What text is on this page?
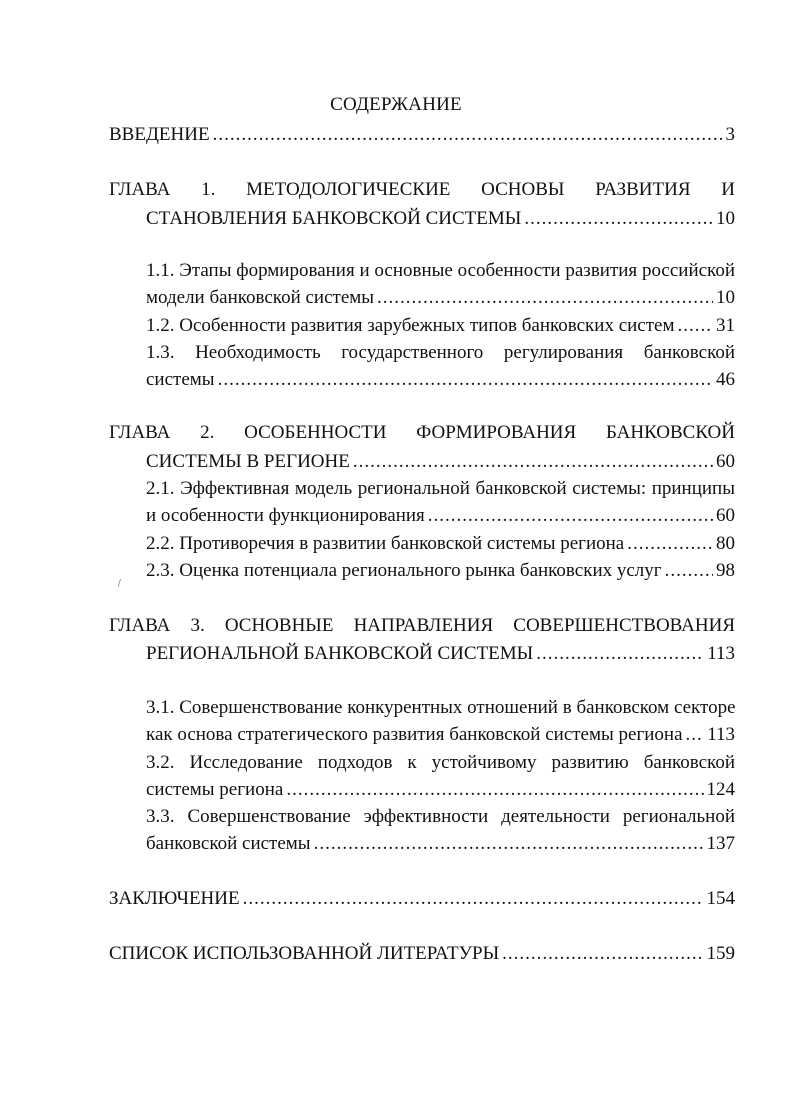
СОДЕРЖАНИЕ
ВВЕДЕНИЕ .....	3
ГЛАВА 1. МЕТОДОЛОГИЧЕСКИЕ ОСНОВЫ РАЗВИТИЯ И
СТАНОВЛЕНИЯ БАНКОВСКОЙ СИСТЕМЫ .....	10
1.1. Этапы формирования и основные особенности развития российской
модели банковской системы .....	10
1.2. Особенности развития зарубежных типов банковских систем ..... 31
1.3. Необходимость государственного регулирования банковской
системы .....	46
ГЛАВА 2. ОСОБЕННОСТИ ФОРМИРОВАНИЯ БАНКОВСКОЙ
СИСТЕМЫ В РЕГИОНЕ .....	60
2.1. Эффективная модель региональной банковской системы: принципы
и особенности функционирования .....	60
2.2. Противоречия в развитии банковской системы региона .....	80
2.3. Оценка потенциала регионального рынка банковских услуг .....	98
ГЛАВА 3. ОСНОВНЫЕ НАПРАВЛЕНИЯ СОВЕРШЕНСТВОВАНИЯ
РЕГИОНАЛЬНОЙ БАНКОВСКОЙ СИСТЕМЫ .....	113
3.1. Совершенствование конкурентных отношений в банковском секторе
как основа стратегического развития банковской системы региона ..... 113
3.2. Исследование подходов к устойчивому развитию банковской
системы региона .....	124
3.3. Совершенствование эффективности деятельности региональной
банковской системы .....	137
ЗАКЛЮЧЕНИЕ .....	154
СПИСОК ИСПОЛЬЗОВАННОЙ ЛИТЕРАТУРЫ .....	159
